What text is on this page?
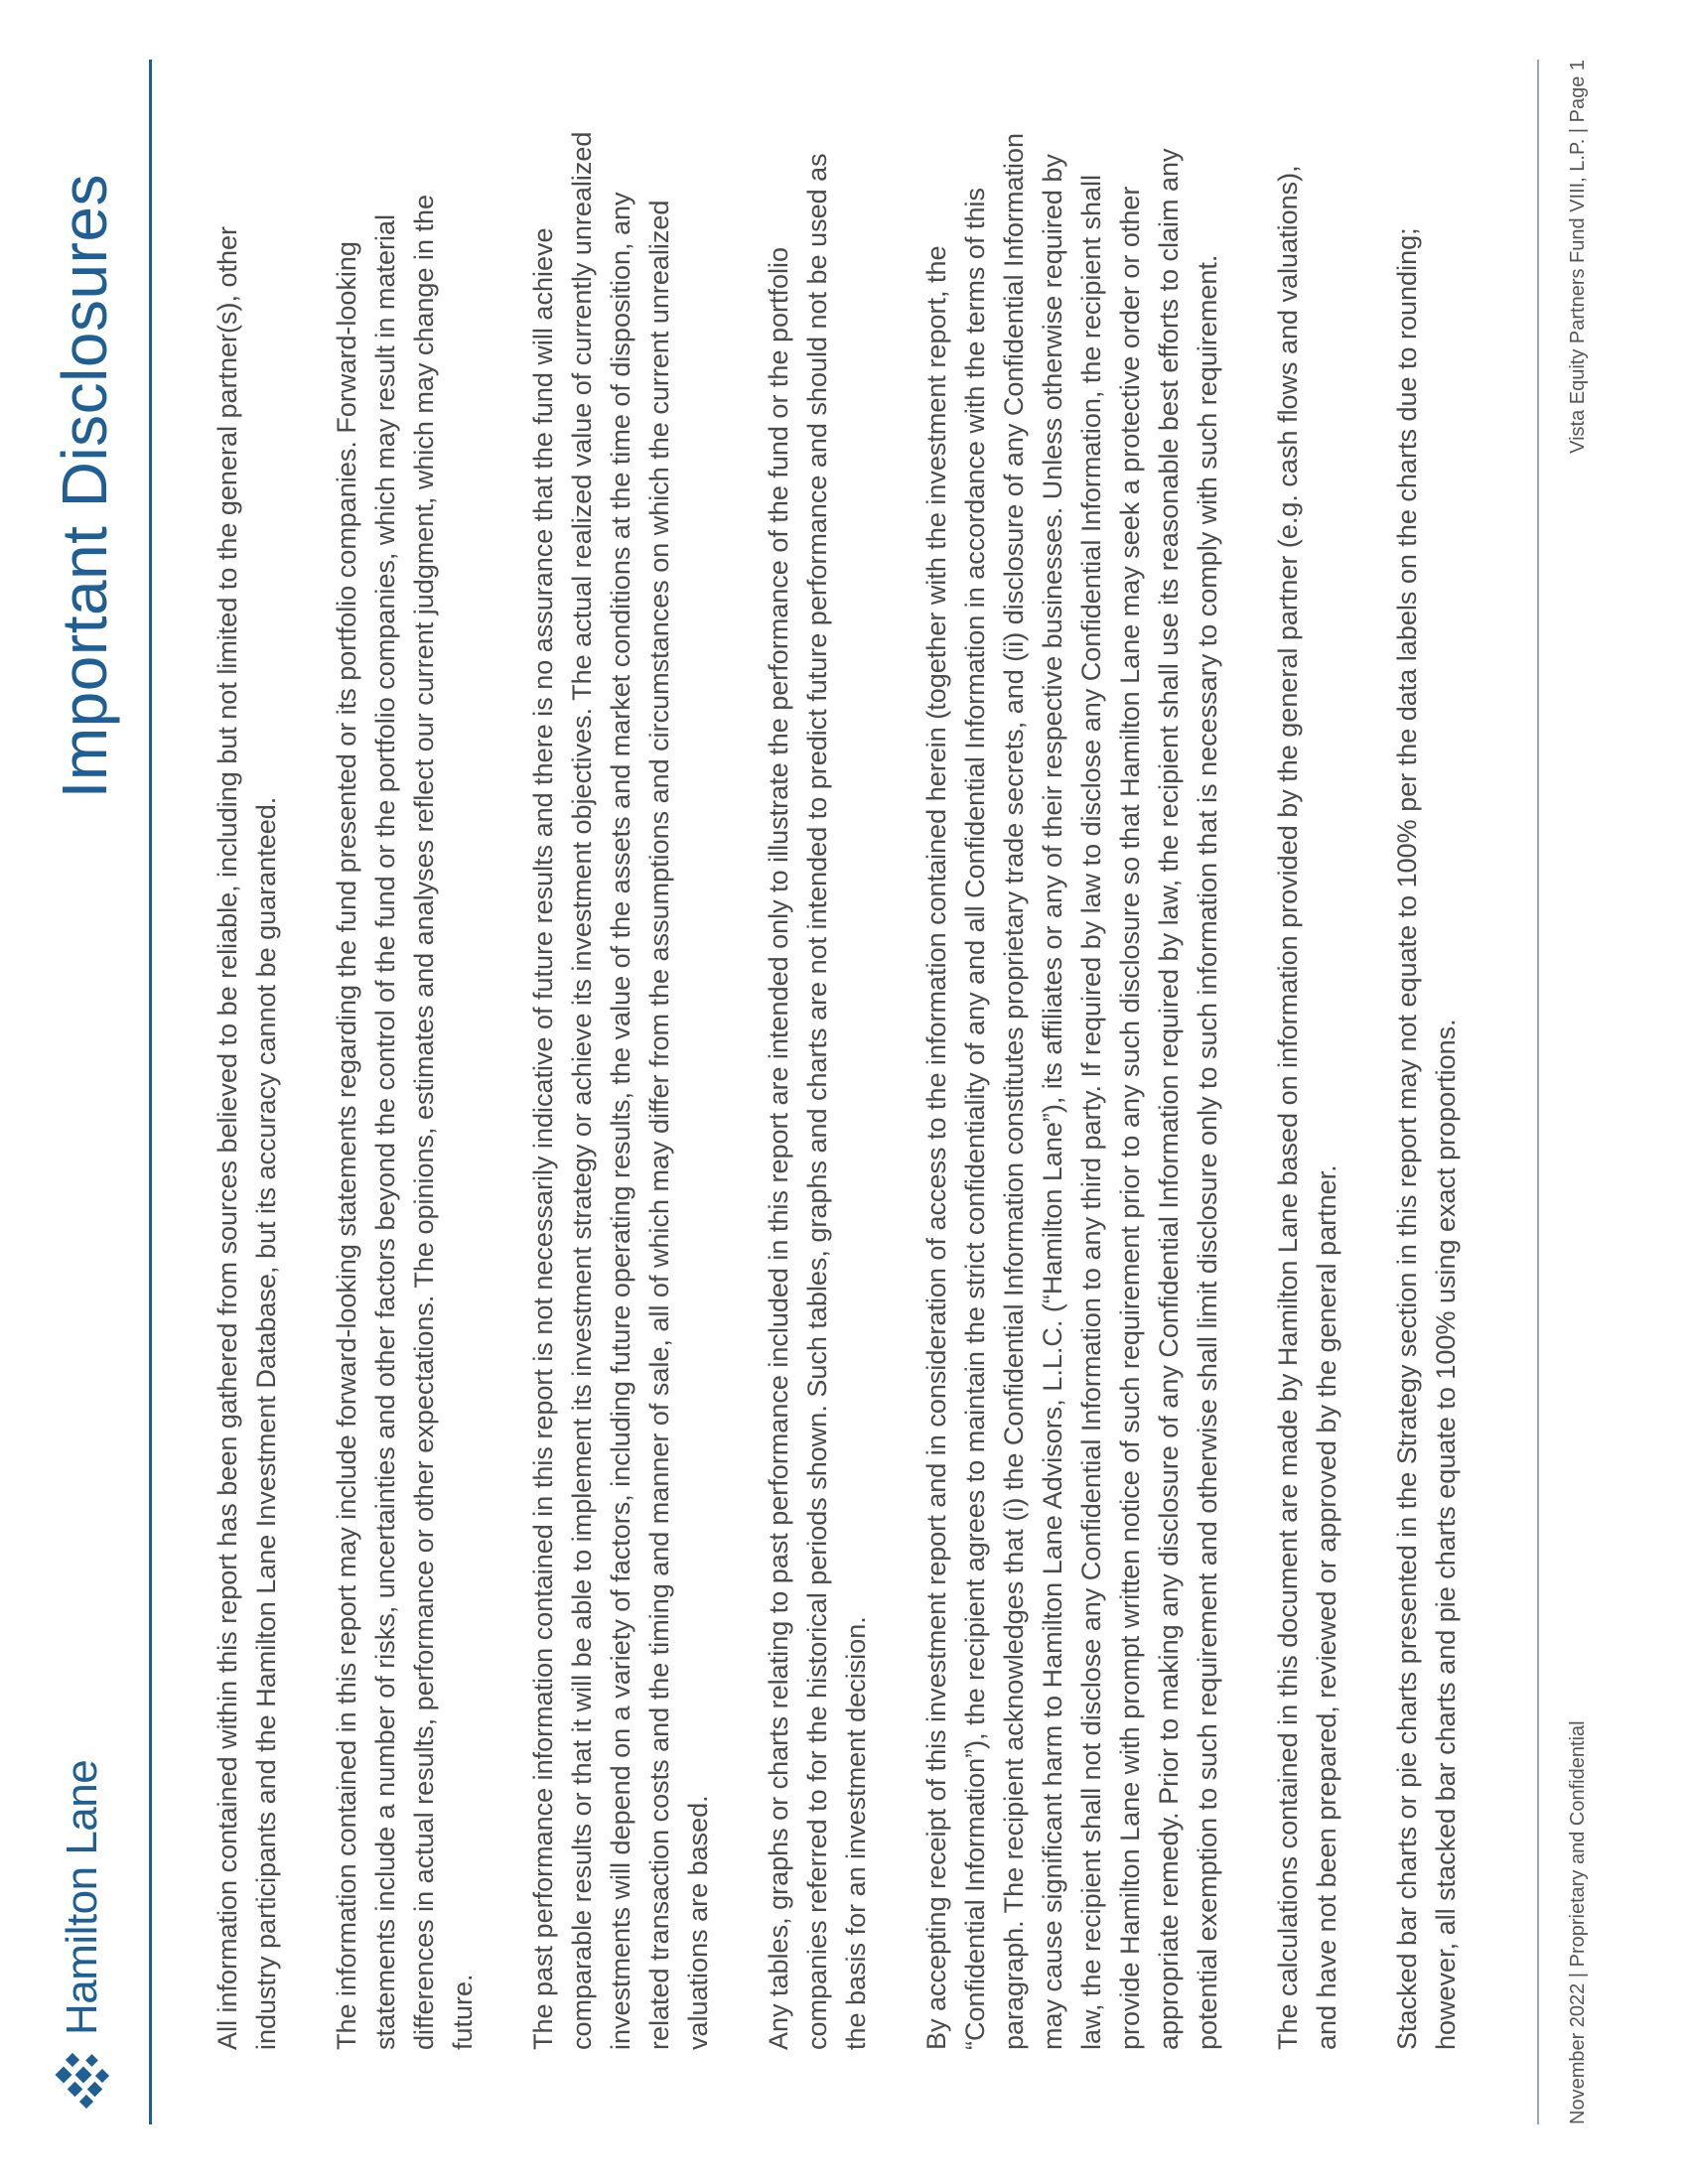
Hamilton Lane
Important Disclosures	All information contained within this report has been gathered from sources believed to be reliable, including but not limited to the general partner(s), other industry participants and the Hamilton Lane Investment Database, but its accuracy cannot be guaranteed. The information contained in this report may include forward-looking statements regarding the fund presented or its portfolio companies. Forward-looking statements include a number of risks, uncertainties and other factors beyond the control of the fund or the portfolio companies, which may result in material differences in actual results, performance or other expectations. The opinions, estimates and analyses reflect our current judgment, which may change in the future. The past performance information contained in this report is not necessarily indicative of future results and there is no assurance that the fund will achieve comparable results or that it will be able to implement its investment strategy or achieve its investment objectives. The actual realized value of currently unrealized investments will depend on a variety of factors, including future operating results, the value of the assets and market conditions at the time of disposition, any related transaction costs and the timing and manner of sale, all of which may differ from the assumptions and circumstances on which the current unrealized valuations are based. Any tables, graphs or charts relating to past performance included in this report are intended only to illustrate the performance of the fund or the portfolio companies referred to for the historical periods shown. Such tables, graphs and charts are not intended to predict future performance and should not be used as the basis for an investment decision. By accepting receipt of this investment report and in consideration of access to the information contained herein (together with the investment report, the “Confidential Information”), the recipient agrees to maintain the strict confidentiality of any and all Confidential Information in accordance with the terms of this paragraph. The recipient acknowledges that (i) the Confidential Information constitutes proprietary trade secrets, and (ii) disclosure of any Confidential Information may cause significant harm to Hamilton Lane Advisors, L.L.C. (“Hamilton Lane”), its affiliates or any of their respective businesses. Unless otherwise required by law, the recipient shall not disclose any Confidential Information to any third party. If required by law to disclose any Confidential Information, the recipient shall provide Hamilton Lane with prompt written notice of such requirement prior to any such disclosure so that Hamilton Lane may seek a protective order or other appropriate remedy. Prior to making any disclosure of any Confidential Information required by law, the recipient shall use its reasonable best efforts to claim any potential exemption to such requirement and otherwise shall limit disclosure only to such information that is necessary to comply with such requirement. The calculations contained in this document are made by Hamilton Lane based on information provided by the general partner (e.g. cash flows and valuations), and have not been prepared, reviewed or approved by the general partner. Stacked bar charts or pie charts presented in the Strategy section in this report may not equate to 100% per the data labels on the charts due to rounding; however, all stacked bar charts and pie charts equate to 100% using exact proportions.	November 2022 | Proprietary and Confidential
Vista Equity Partners Fund VIII, L.P. | Page 1
